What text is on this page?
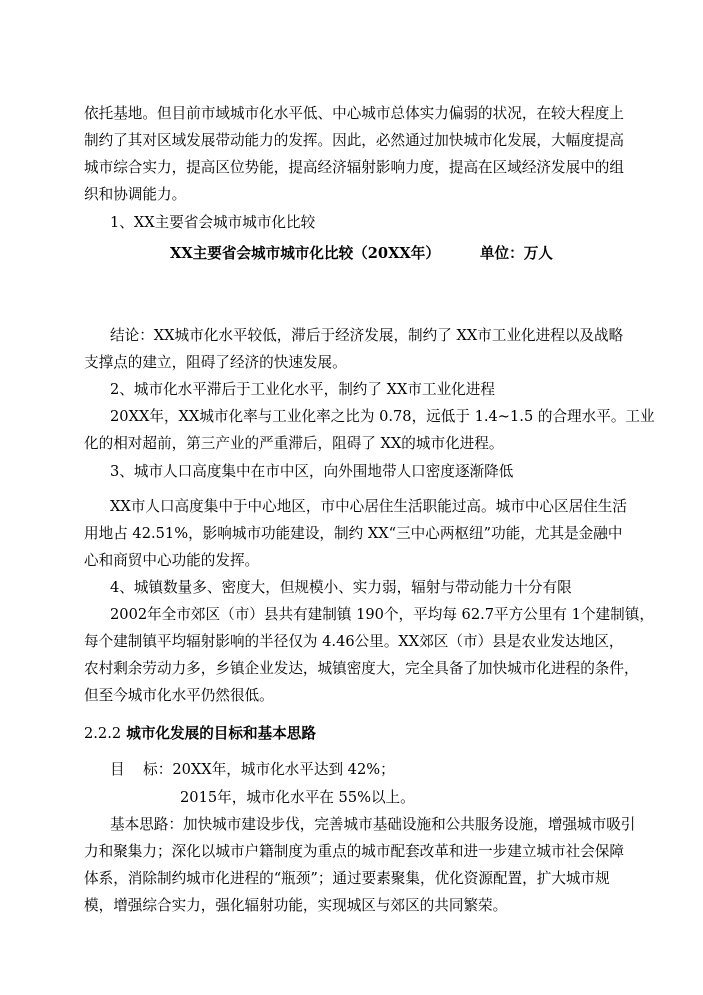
依托基地。但目前市域城市化水平低、中心城市总体实力偏弱的状况，在较大程度上
制约了其对区域发展带动能力的发挥。因此，必然通过加快城市化发展，大幅度提高
城市综合实力，提高区位势能，提高经济辐射影响力度，提高在区域经济发展中的组
织和协调能力。
1、XX主要省会城市城市化比较
XX主要省会城市城市化比较（20XX年）	单位：万人
结论：XX城市化水平较低，滞后于经济发展，制约了 XX市工业化进程以及战略
支撑点的建立，阻碍了经济的快速发展。
2、城市化水平滞后于工业化水平，制约了 XX市工业化进程
20XX年，XX城市化率与工业化率之比为 0.78，远低于 1.4~1.5 的合理水平。工业
化的相对超前，第三产业的严重滞后，阻碍了 XX的城市化进程。
3、城市人口高度集中在市中区，向外围地带人口密度逐渐降低
XX市人口高度集中于中心地区，市中心居住生活职能过高。城市中心区居住生活
用地占 42.51%，影响城市功能建设，制约 XX“三中心两枢纽”功能，尤其是金融中
心和商贸中心功能的发挥。
4、城镇数量多、密度大，但规模小、实力弱，辐射与带动能力十分有限
2002年全市郊区（市）县共有建制镇 190个，平均每 62.7平方公里有 1个建制镇，
每个建制镇平均辐射影响的半径仅为 4.46公里。XX郊区（市）县是农业发达地区，
农村剩余劳动力多，乡镇企业发达，城镇密度大，完全具备了加快城市化进程的条件，
但至今城市化水平仍然很低。
2.2.2 城市化发展的目标和基本思路
目    标：20XX年，城市化水平达到 42%；
2015年，城市化水平在 55%以上。
基本思路：加快城市建设步伐，完善城市基础设施和公共服务设施，增强城市吸引
力和聚集力；深化以城市户籍制度为重点的城市配套改革和进一步建立城市社会保障
体系，消除制约城市化进程的“瓶颈”；通过要素聚集，优化资源配置，扩大城市规
模，增强综合实力，强化辐射功能，实现城区与郊区的共同繁荣。
